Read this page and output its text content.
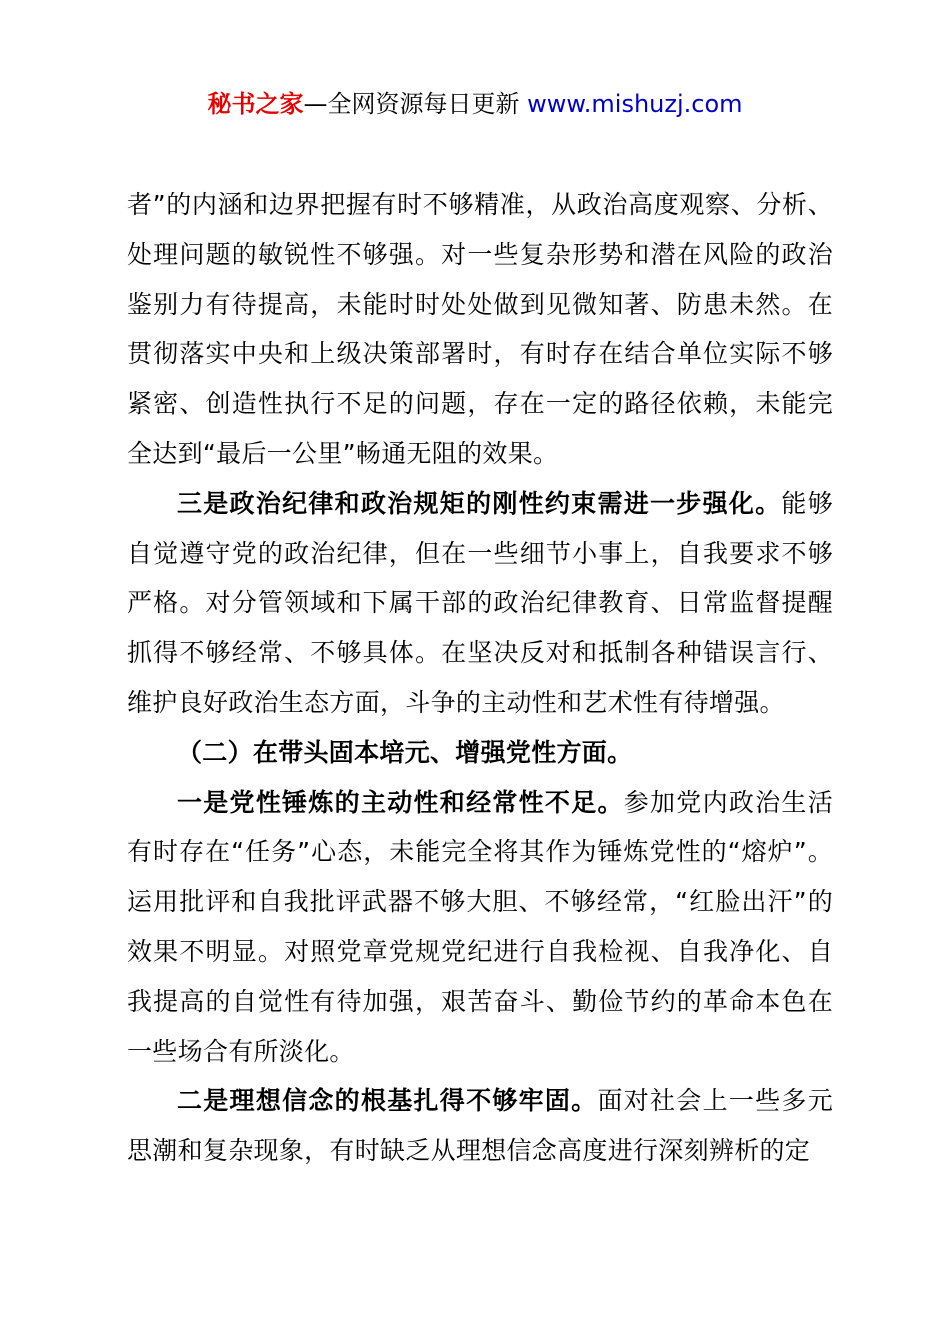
秘书之家—全网资源每日更新 www.mishuzj.com

者”的内涵和边界把握有时不够精准，从政治高度观察、分析、处理问题的敏锐性不够强。对一些复杂形势和潜在风险的政治鉴别力有待提高，未能时时处处做到见微知著、防患未然。在贯彻落实中央和上级决策部署时，有时存在结合单位实际不够紧密、创造性执行不足的问题，存在一定的路径依赖，未能完全达到“最后一公里”畅通无阻的效果。

三是政治纪律和政治规矩的刚性约束需进一步强化。能够自觉遵守党的政治纪律，但在一些细节小事上，自我要求不够严格。对分管领域和下属干部的政治纪律教育、日常监督提醒抓得不够经常、不够具体。在坚决反对和抵制各种错误言行、维护良好政治生态方面，斗争的主动性和艺术性有待增强。

（二）在带头固本培元、增强党性方面。

一是党性锤炼的主动性和经常性不足。参加党内政治生活有时存在“任务”心态，未能完全将其作为锤炼党性的“熔炉”。运用批评和自我批评武器不够大胆、不够经常，“红脸出汗”的效果不明显。对照党章党规党纪进行自我检视、自我净化、自我提高的自觉性有待加强，艰苦奋斗、勤俭节约的革命本色在一些场合有所淡化。

二是理想信念的根基扎得不够牢固。面对社会上一些多元思潮和复杂现象，有时缺乏从理想信念高度进行深刻辨析的定
